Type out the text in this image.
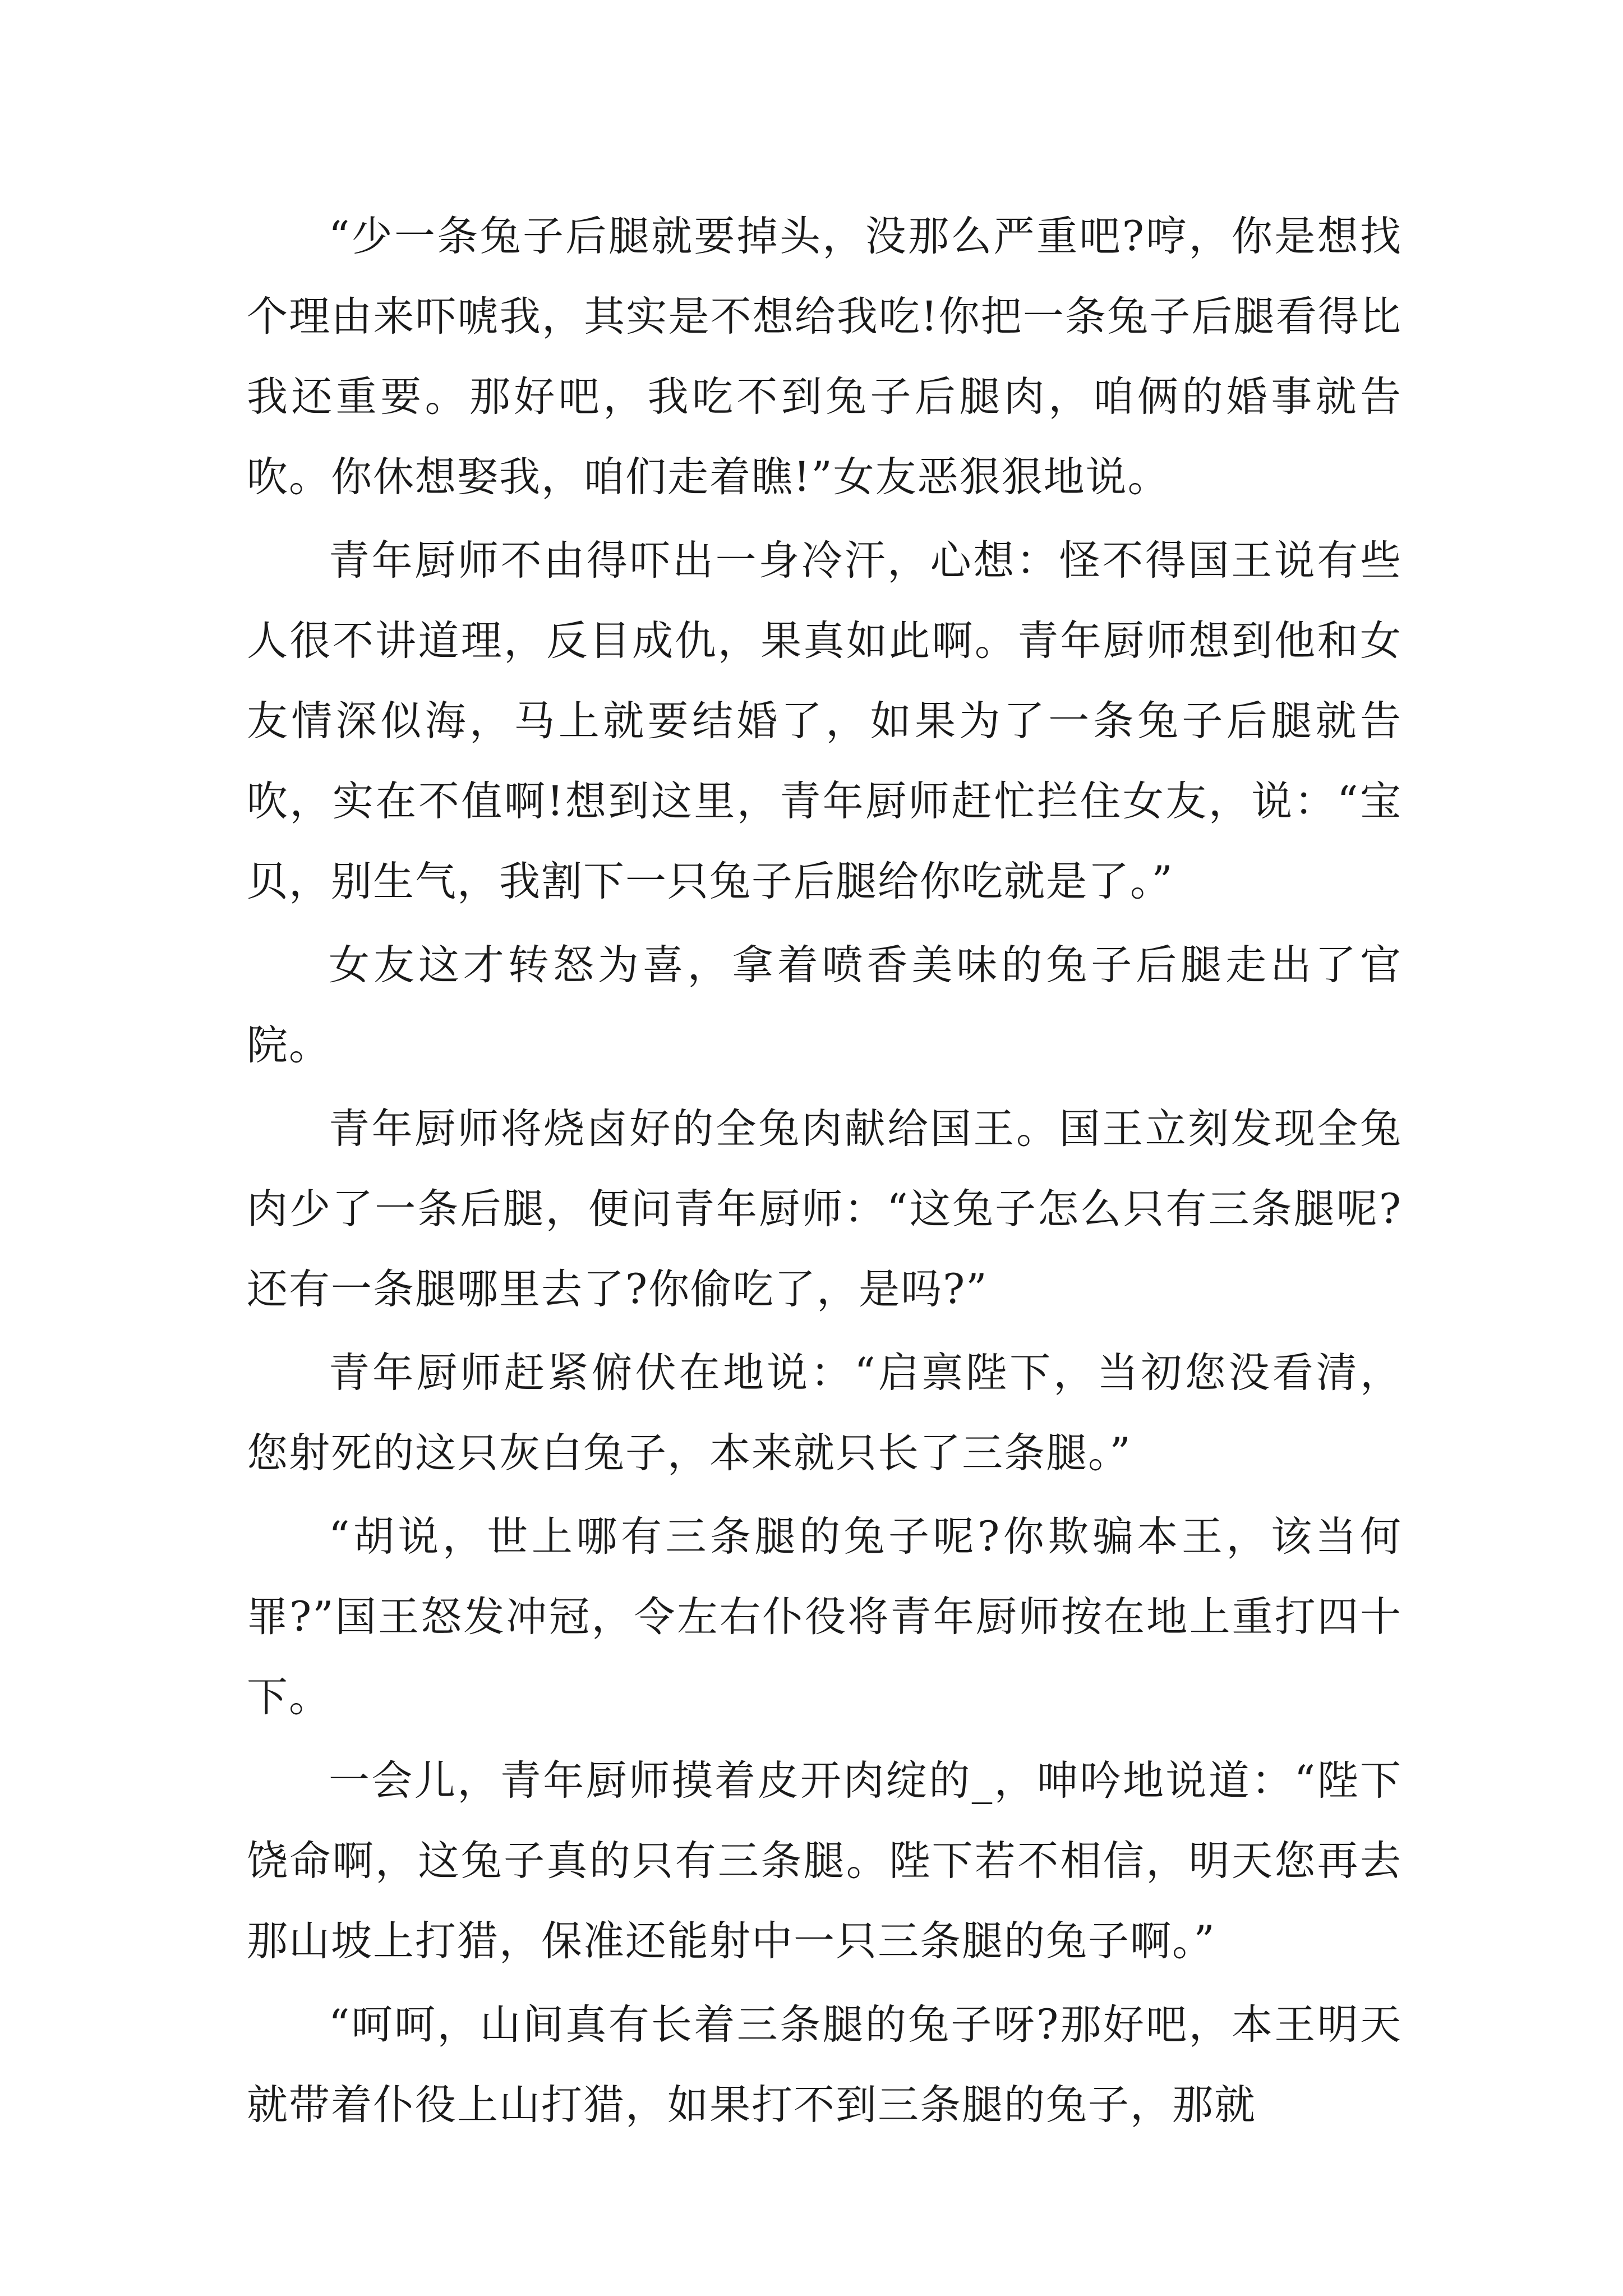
“少一条兔子后腿就要掉头，没那么严重吧?哼，你是想找个理由来吓唬我，其实是不想给我吃!你把一条兔子后腿看得比我还重要。那好吧，我吃不到兔子后腿肉，咱俩的婚事就告吹。你休想娶我，咱们走着瞧!”女友恶狠狠地说。

青年厨师不由得吓出一身冷汗，心想：怪不得国王说有些人很不讲道理，反目成仇，果真如此啊。青年厨师想到他和女友情深似海，马上就要结婚了，如果为了一条兔子后腿就告吹，实在不值啊!想到这里，青年厨师赶忙拦住女友，说：“宝贝，别生气，我割下一只兔子后腿给你吃就是了。”

女友这才转怒为喜，拿着喷香美味的兔子后腿走出了官院。

青年厨师将烧卤好的全兔肉献给国王。国王立刻发现全兔肉少了一条后腿，便问青年厨师：“这兔子怎么只有三条腿呢?还有一条腿哪里去了?你偷吃了，是吗?”

青年厨师赶紧俯伏在地说：“启禀陛下，当初您没看清，您射死的这只灰白兔子，本来就只长了三条腿。”

“胡说，世上哪有三条腿的兔子呢?你欺骗本王，该当何罪?”国王怒发冲冠，令左右仆役将青年厨师按在地上重打四十下。

一会儿，青年厨师摸着皮开肉绽的_，呻吟地说道：“陛下饶命啊，这兔子真的只有三条腿。陛下若不相信，明天您再去那山坡上打猎，保准还能射中一只三条腿的兔子啊。”

“呵呵，山间真有长着三条腿的兔子呀?那好吧，本王明天就带着仆役上山打猎，如果打不到三条腿的兔子，那就
